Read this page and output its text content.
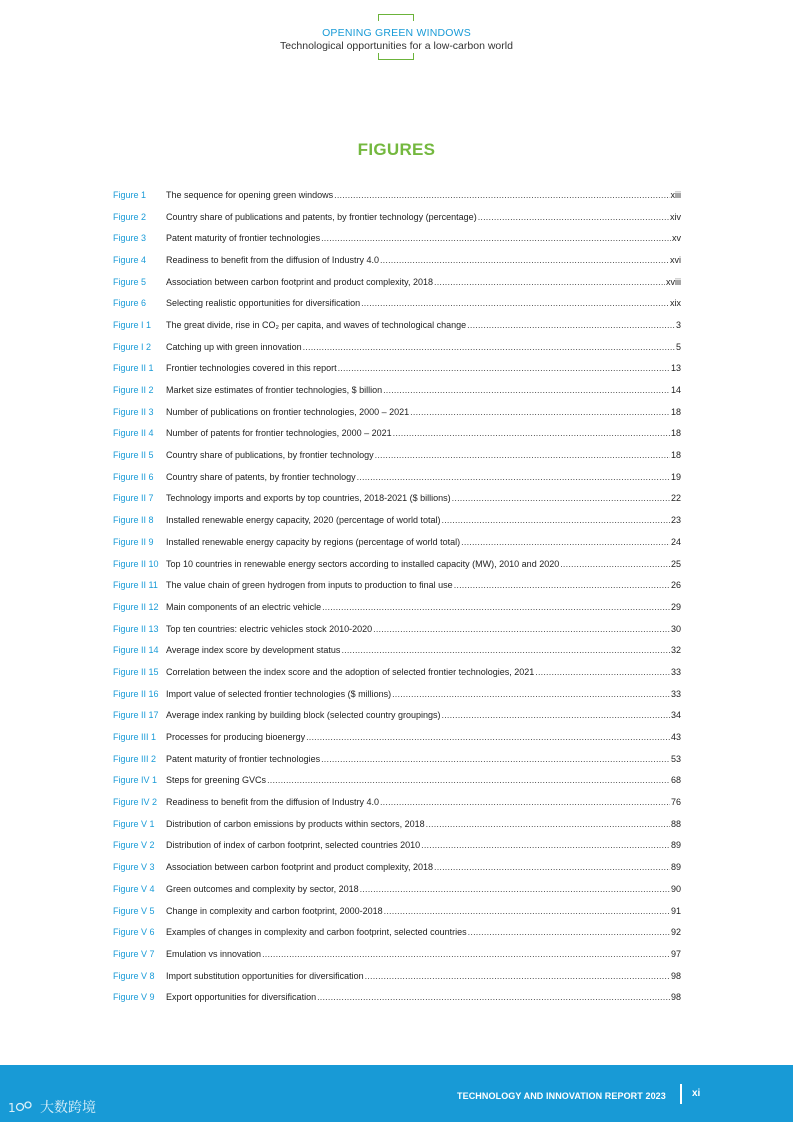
OPENING GREEN WINDOWS
Technological opportunities for a low-carbon world
FIGURES
Figure 1	The sequence for opening green windows .....	xiii
Figure 2	Country share of publications and patents, by frontier technology (percentage) .....	xiv
Figure 3	Patent maturity of frontier technologies .....	xv
Figure 4	Readiness to benefit from the diffusion of Industry 4.0 .....	xvi
Figure 5	Association between carbon footprint and product complexity, 2018 .....	xviii
Figure 6	Selecting realistic opportunities for diversification .....	xix
Figure I 1	The great divide, rise in CO₂ per capita, and waves of technological change .....	3
Figure I 2	Catching up with green innovation .....	5
Figure II 1	Frontier technologies covered in this report .....	13
Figure II 2	Market size estimates of frontier technologies, $ billion .....	14
Figure II 3	Number of publications on frontier technologies, 2000 – 2021 .....	18
Figure II 4	Number of patents for frontier technologies, 2000 – 2021 .....	18
Figure II 5	Country share of publications, by frontier technology .....	18
Figure II 6	Country share of patents, by frontier technology .....	19
Figure II 7	Technology imports and exports by top countries, 2018-2021 ($ billions) .....	22
Figure II 8	Installed renewable energy capacity, 2020 (percentage of world total) .....	23
Figure II 9	Installed renewable energy capacity by regions (percentage of world total) .....	24
Figure II 10 Top 10 countries in renewable energy sectors according to installed capacity (MW), 2010 and 2020 .....	25
Figure II 11 The value chain of green hydrogen from inputs to production to final use .....	26
Figure II 12 Main components of an electric vehicle .....	29
Figure II 13 Top ten countries: electric vehicles stock 2010-2020 .....	30
Figure II 14 Average index score by development status .....	32
Figure II 15 Correlation between the index score and the adoption of selected frontier technologies, 2021 .....	33
Figure II 16 Import value of selected frontier technologies ($ millions) .....	33
Figure II 17 Average index ranking by building block (selected country groupings) .....	34
Figure III 1	Processes for producing bioenergy .....	43
Figure III 2	Patent maturity of frontier technologies .....	53
Figure IV 1 Steps for greening GVCs .....	68
Figure IV 2 Readiness to benefit from the diffusion of Industry 4.0 .....	76
Figure V 1	Distribution of carbon emissions by products within sectors, 2018 .....	88
Figure V 2	Distribution of index of carbon footprint, selected countries 2010 .....	89
Figure V 3	Association between carbon footprint and product complexity, 2018 .....	89
Figure V 4	Green outcomes and complexity by sector, 2018 .....	90
Figure V 5	Change in complexity and carbon footprint, 2000-2018 .....	91
Figure V 6	Examples of changes in complexity and carbon footprint, selected countries .....	92
Figure V 7	Emulation vs innovation .....	97
Figure V 8	Import substitution opportunities for diversification .....	98
Figure V 9	Export opportunities for diversification .....	98
TECHNOLOGY AND INNOVATION REPORT 2023	xi
1 大数跨境
